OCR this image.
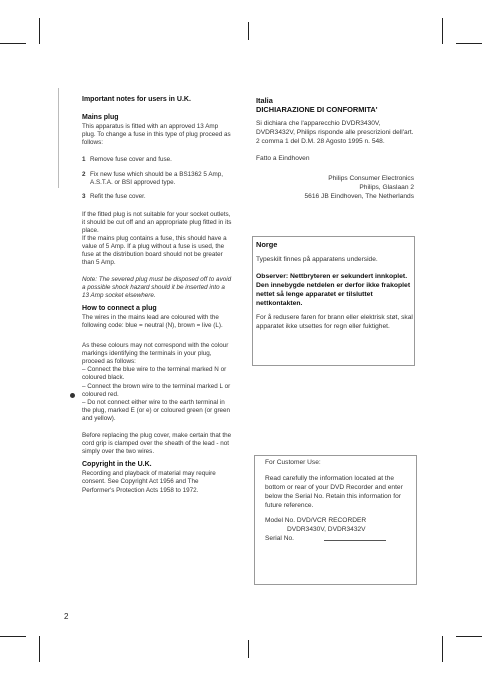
Important notes for users in U.K.
Mains plug

This apparatus is fitted with an approved 13 Amp plug. To change a fuse in this type of plug proceed as follows:

1 Remove fuse cover and fuse.
2 Fix new fuse which should be a BS1362 5 Amp, A.S.T.A. or BSI approved type.
3 Refit the fuse cover.

If the fitted plug is not suitable for your socket outlets, it should be cut off and an appropriate plug fitted in its place.

If the mains plug contains a fuse, this should have a value of 5 Amp. If a plug without a fuse is used, the fuse at the distribution board should not be greater than 5 Amp.

Note: The severed plug must be disposed off to avoid a possible shock hazard should it be inserted into a 13 Amp socket elsewhere.

How to connect a plug

The wires in the mains lead are coloured with the following code: blue = neutral (N), brown = live (L).

As these colours may not correspond with the colour markings identifying the terminals in your plug, proceed as follows:

– Connect the blue wire to the terminal marked N or coloured black.

– Connect the brown wire to the terminal marked L or coloured red.

– Do not connect either wire to the earth terminal in the plug, marked E (or e) or coloured green (or green and yellow).

Before replacing the plug cover, make certain that the cord grip is clamped over the sheath of the lead - not simply over the two wires.

Copyright in the U.K.

Recording and playback of material may require consent. See Copyright Act 1956 and The Performer's Protection Acts 1958 to 1972.

Italia
DICHIARAZIONE DI CONFORMITA'

Si dichiara che l'apparecchio DVDR3430V, DVDR3432V, Philips risponde alle prescrizioni dell'art. 2 comma 1 del D.M. 28 Agosto 1995 n. 548.

Fatto a Eindhoven

Philips Consumer Electronics
Philips, Glaslaan 2
5616 JB Eindhoven, The Netherlands
Norge

Typeskilt finnes på apparatens underside.

Observer: Nettbryteren er sekundert innkoplet. Den innebygde netdelen er derfor ikke frakoplet nettet så lenge apparatet er tilsluttet nettkontakten.

For å redusere faren for brann eller elektrisk støt, skal apparatet ikke utsettes for regn eller fuktighet.

For Customer Use:

Read carefully the information located at the bottom or rear of your DVD Recorder and enter below the Serial No. Retain this information for future reference.

Model No. DVD/VCR RECORDER
DVDR3430V, DVDR3432V
Serial No.
2
